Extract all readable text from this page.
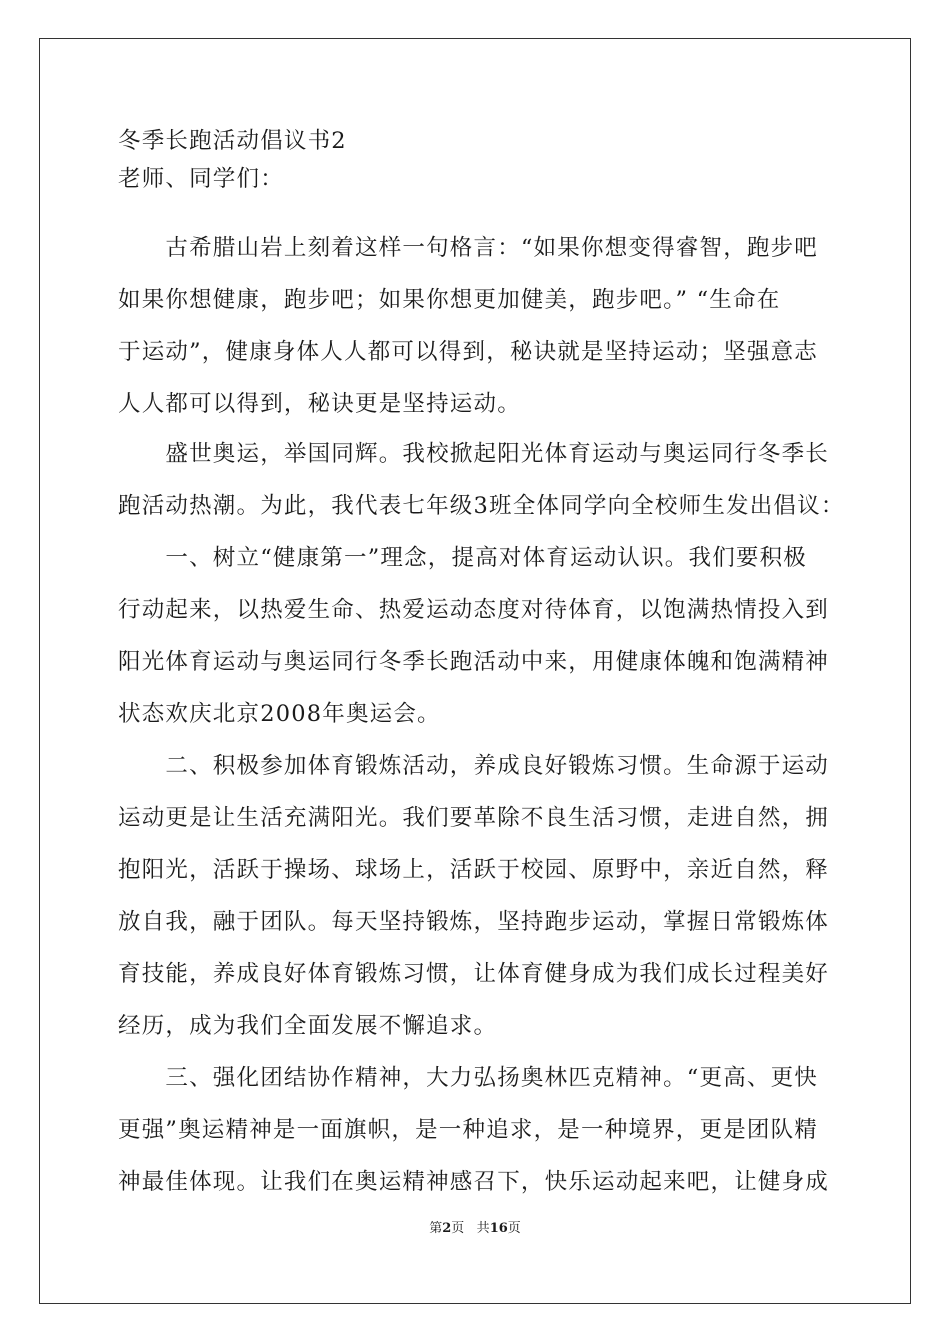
冬季长跑活动倡议书2
老师、同学们：
　　古希腊山岩上刻着这样一句格言：“如果你想变得睿智，跑步吧
如果你想健康，跑步吧；如果你想更加健美，跑步吧。” “生命在
于运动”，健康身体人人都可以得到，秘诀就是坚持运动；坚强意志
人人都可以得到，秘诀更是坚持运动。
　　盛世奥运，举国同辉。我校掀起阳光体育运动与奥运同行冬季长
跑活动热潮。为此，我代表七年级3班全体同学向全校师生发出倡议：
　　一、树立“健康第一”理念，提高对体育运动认识。我们要积极
行动起来，以热爱生命、热爱运动态度对待体育，以饱满热情投入到
阳光体育运动与奥运同行冬季长跑活动中来，用健康体魄和饱满精神
状态欢庆北京2008年奥运会。
　　二、积极参加体育锻炼活动，养成良好锻炼习惯。生命源于运动
运动更是让生活充满阳光。我们要革除不良生活习惯，走进自然，拥
抱阳光，活跃于操场、球场上，活跃于校园、原野中，亲近自然，释
放自我，融于团队。每天坚持锻炼，坚持跑步运动，掌握日常锻炼体
育技能，养成良好体育锻炼习惯，让体育健身成为我们成长过程美好
经历，成为我们全面发展不懈追求。
　　三、强化团结协作精神，大力弘扬奥林匹克精神。“更高、更快
更强”奥运精神是一面旗帜，是一种追求，是一种境界，更是团队精
神最佳体现。让我们在奥运精神感召下，快乐运动起来吧，让健身成
第2页 共16页
